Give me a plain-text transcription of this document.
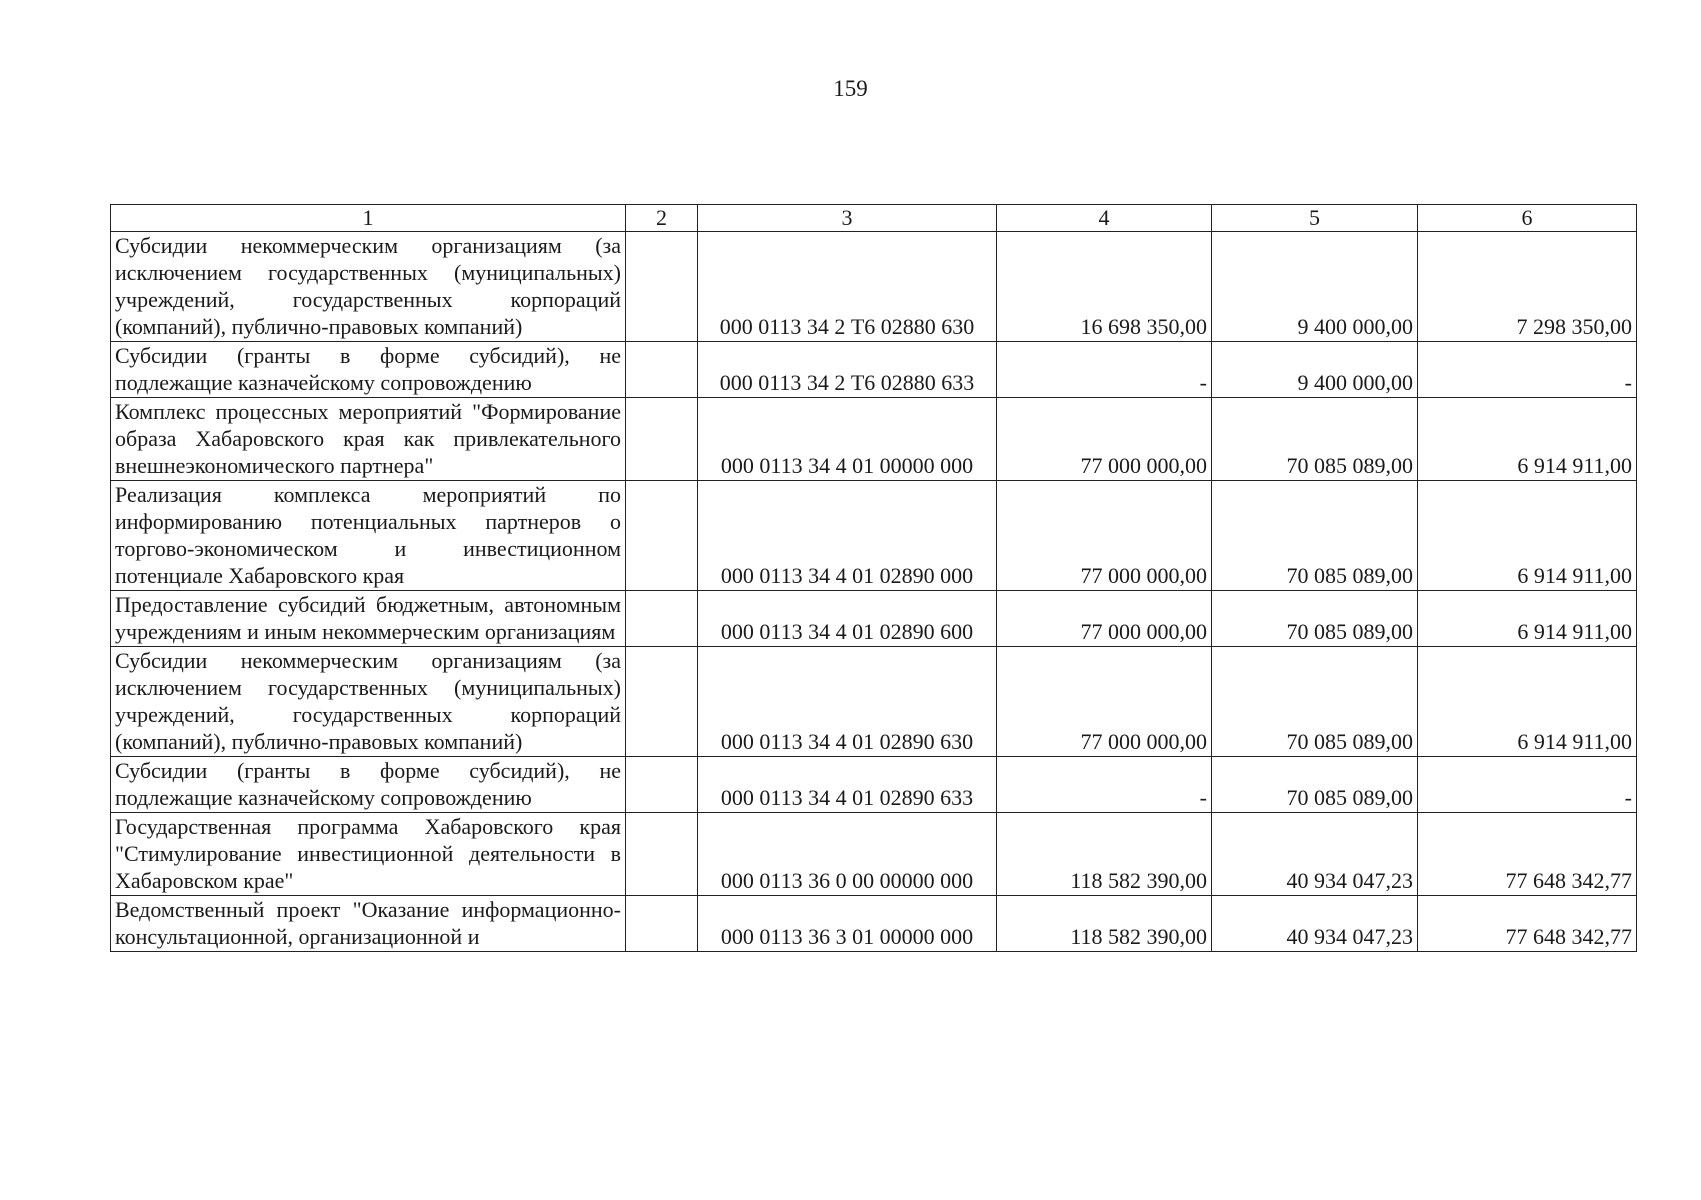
159
1	2	3	4	5	6
Субсидии некоммерческим организациям (за исключением государственных (муниципальных) учреждений, государственных корпораций (компаний), публично-правовых компаний)		000 0113 34 2 Т6 02880 630	16 698 350,00	9 400 000,00	7 298 350,00
Субсидии (гранты в форме субсидий), не подлежащие казначейскому сопровождению		000 0113 34 2 Т6 02880 633	-	9 400 000,00	-
Комплекс процессных мероприятий "Формирование образа Хабаровского края как привлекательного внешнеэкономического партнера"		000 0113 34 4 01 00000 000	77 000 000,00	70 085 089,00	6 914 911,00
Реализация комплекса мероприятий по информированию потенциальных партнеров о торгово-экономическом и инвестиционном потенциале Хабаровского края		000 0113 34 4 01 02890 000	77 000 000,00	70 085 089,00	6 914 911,00
Предоставление субсидий бюджетным, автономным учреждениям и иным некоммерческим организациям		000 0113 34 4 01 02890 600	77 000 000,00	70 085 089,00	6 914 911,00
Субсидии некоммерческим организациям (за исключением государственных (муниципальных) учреждений, государственных корпораций (компаний), публично-правовых компаний)		000 0113 34 4 01 02890 630	77 000 000,00	70 085 089,00	6 914 911,00
Субсидии (гранты в форме субсидий), не подлежащие казначейскому сопровождению		000 0113 34 4 01 02890 633	-	70 085 089,00	-
Государственная программа Хабаровского края "Стимулирование инвестиционной деятельности в Хабаровском крае"		000 0113 36 0 00 00000 000	118 582 390,00	40 934 047,23	77 648 342,77
Ведомственный проект "Оказание информационно-консультационной, организационной и		000 0113 36 3 01 00000 000	118 582 390,00	40 934 047,23	77 648 342,77
